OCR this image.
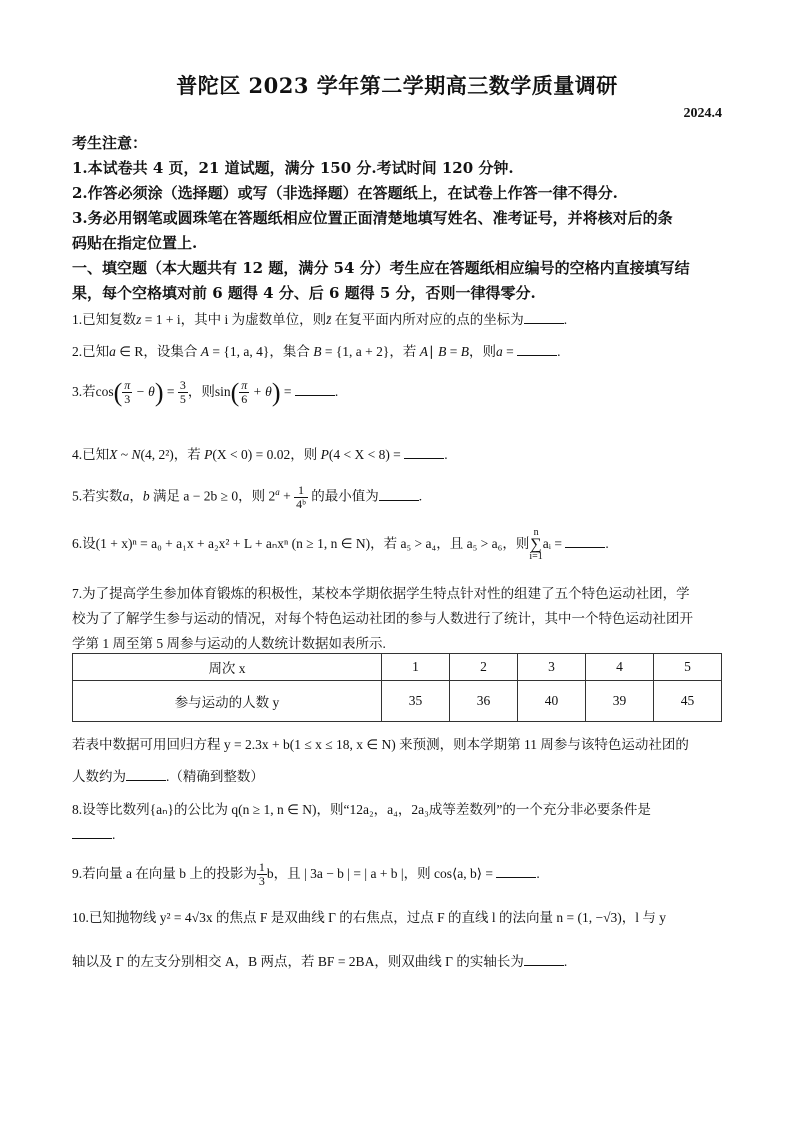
普陀区 2023 学年第二学期高三数学质量调研
2024.4
考生注意：
1.本试卷共 4 页，21 道试题，满分 150 分.考试时间 120 分钟.
2.作答必须涂（选择题）或写（非选择题）在答题纸上，在试卷上作答一律不得分.
3.务必用钢笔或圆珠笔在答题纸相应位置正面清楚地填写姓名、准考证号，并将核对后的条
码贴在指定位置上.
一、填空题（本大题共有 12 题，满分 54 分）考生应在答题纸相应编号的空格内直接填写结
果，每个空格填对前 6 题得 4 分、后 6 题得 5 分，否则一律得零分.
1.已知复数z = 1 + i，其中 i 为虚数单位，则z̄ 在复平面内所对应的点的坐标为	.
2.已知a ∈ R，设集合 A = {1, a, 4}，集合 B = {1, a + 2}，若 A∣ B = B，则a =	.
3.若$\cos( \frac{\pi}{3} - \theta) = \frac{3}{5}$ ，则$\sin( \frac{\pi}{6} + \theta)$ =	.
4.已知X ~ N(4, 2²)，若 P(X < 0) = 0.02，则 P(4 < X < 8) =	.
5.若实数a，b 满足 a − 2b ≥ 0，则 $2^a + \frac{1}{\text{4ᵇ}}$ 的最小值为	.
6.设(1 + x)ⁿ = a₀ + a₁x + a₂x² + L + aₙxⁿ (n ≥ 1, n ∈ N)，若 a₅ > a₄，且 a₅ > a₆，则
n
∑
i=1
aᵢ =	.
7.为了提高学生参加体育锻炼的积极性，某校本学期依据学生特点针对性的组建了五个特色运动社团，学
校为了了解学生参与运动的情况，对每个特色运动社团的参与人数进行了统计，其中一个特色运动社团开
学第 1 周至第 5 周参与运动的人数统计数据如表所示.
周次 x	1	2	3	4	5
参与运动的人数 y	35	36	40	39	45
若表中数据可用回归方程 y = 2.3x + b(1 ≤ x ≤ 18, x ∈ N) 来预测，则本学期第 11 周参与该特色运动社团的
人数约为	.（精确到整数）
8.设等比数列{aₙ}的公比为 q(n ≥ 1, n ∈ N)，则“12a₂，a₄，2a₃成等差数列”的一个充分非必要条件是
.
9.若向量 a 在向量 b 上的投影为 $\frac{1}{3}$ b，且 | 3a − b | = | a + b |，则 cos⟨a, b⟩ =	.
10.已知抛物线 y² = 4√3x 的焦点 F 是双曲线 Γ 的右焦点，过点 F 的直线 l 的法向量 n = (1, −√3)，l 与 y
轴以及 Γ 的左支分别相交 A，B 两点，若 BF = 2BA，则双曲线 Γ 的实轴长为	.
